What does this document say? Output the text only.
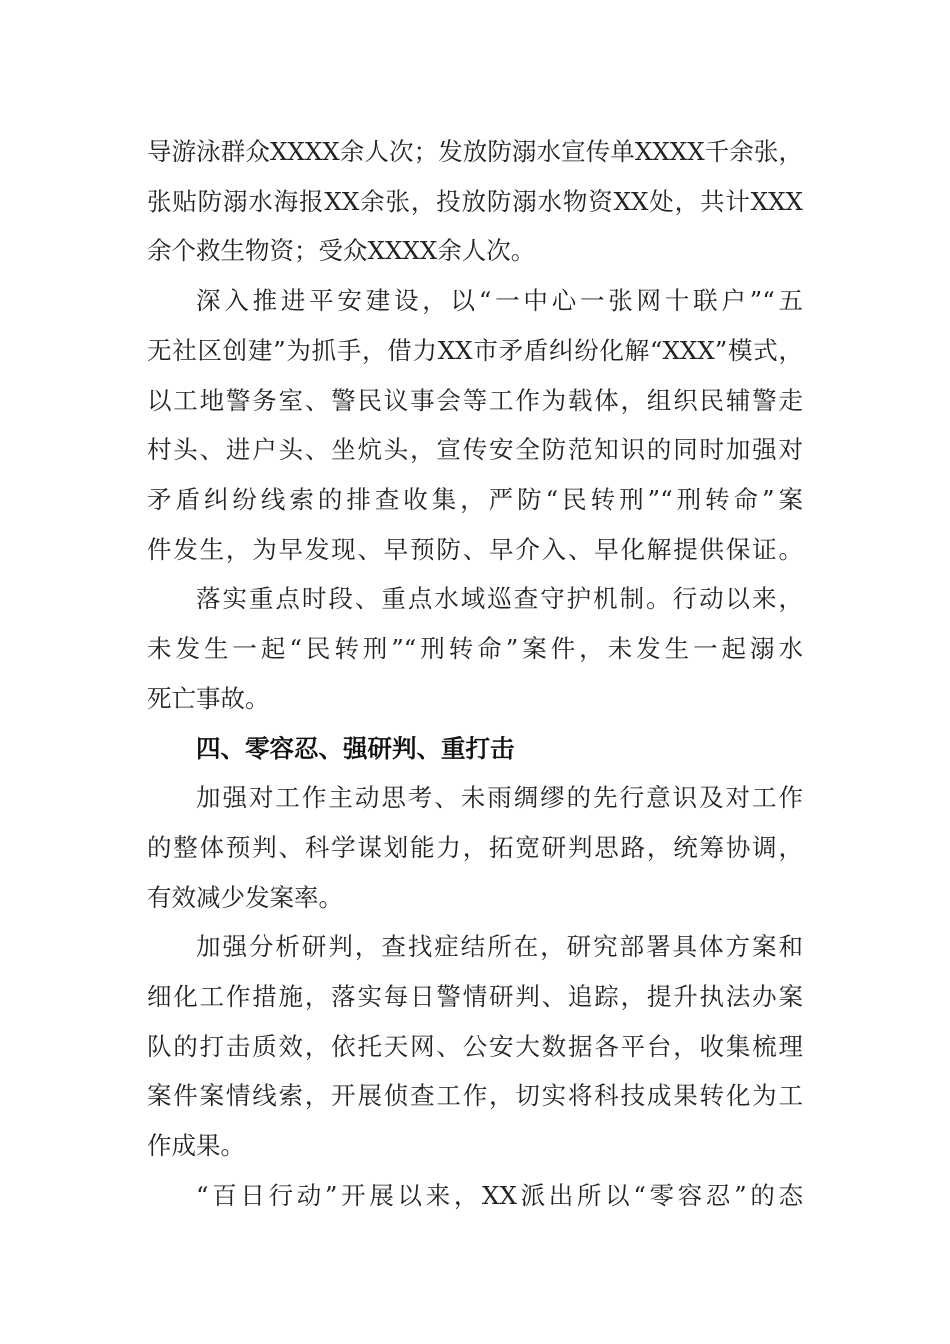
导游泳群众XXXX余人次；发放防溺水宣传单XXXX千余张，
张贴防溺水海报XX余张，投放防溺水物资XX处，共计XXX
余个救生物资；受众XXXX余人次。
深入推进平安建设，以“一中心一张网十联户”“五
无社区创建”为抓手，借力XX市矛盾纠纷化解“XXX”模式，
以工地警务室、警民议事会等工作为载体，组织民辅警走
村头、进户头、坐炕头，宣传安全防范知识的同时加强对
矛盾纠纷线索的排查收集，严防“民转刑”“刑转命”案
件发生，为早发现、早预防、早介入、早化解提供保证。
落实重点时段、重点水域巡查守护机制。行动以来，
未发生一起“民转刑”“刑转命”案件，未发生一起溺水
死亡事故。
四、零容忍、强研判、重打击
加强对工作主动思考、未雨绸缪的先行意识及对工作
的整体预判、科学谋划能力，拓宽研判思路，统筹协调，
有效减少发案率。
加强分析研判，查找症结所在，研究部署具体方案和
细化工作措施，落实每日警情研判、追踪，提升执法办案
队的打击质效，依托天网、公安大数据各平台，收集梳理
案件案情线索，开展侦查工作，切实将科技成果转化为工
作成果。
“百日行动”开展以来，XX派出所以“零容忍”的态
